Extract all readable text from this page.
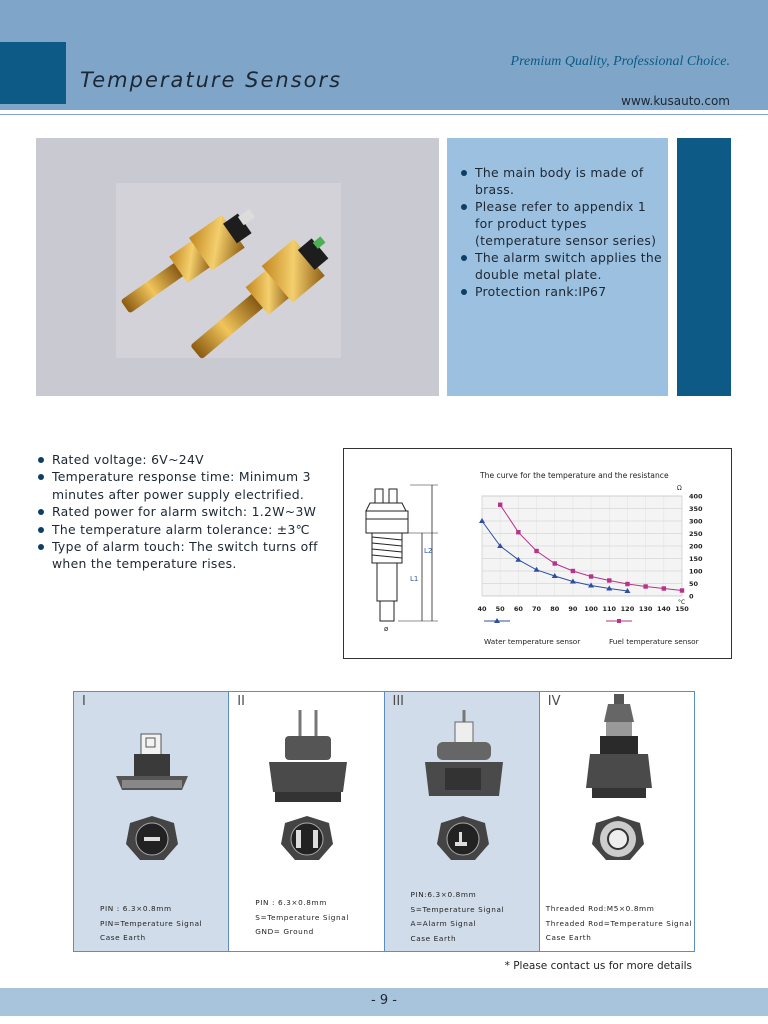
Temperature Sensors
Premium Quality, Professional Choice.
www.kusauto.com
The main body is made of brass.
Please refer to appendix 1 for product types (temperature sensor series)
The alarm switch applies the double metal plate.
Protection rank:IP67
Rated voltage: 6V~24V
Temperature response time: Minimum 3 minutes after power supply electrified.
Rated power for alarm switch: 1.2W~3W
The temperature alarm tolerance: ±3℃
Type of alarm touch: The switch turns off when the temperature rises.
L2
L1
ø
The curve for the temperature and the resistance
Ω
°C
0
50
100
150
200
250
300
350
400
40 50 60 70 80 90 100 110 120 130 140 150
Water temperature sensor	Fuel temperature sensor
I
PIN : 6.3×0.8mm
PIN=Temperature Signal
Case Earth
II
PIN : 6.3×0.8mm
S=Temperature Signal
GND= Ground
III
PIN:6.3×0.8mm
S=Temperature Signal
A=Alarm Signal
Case Earth
IV
Threaded Rod:M5×0.8mm
Threaded Rod=Temperature Signal
Case Earth
* Please contact us for more details
- 9 -
